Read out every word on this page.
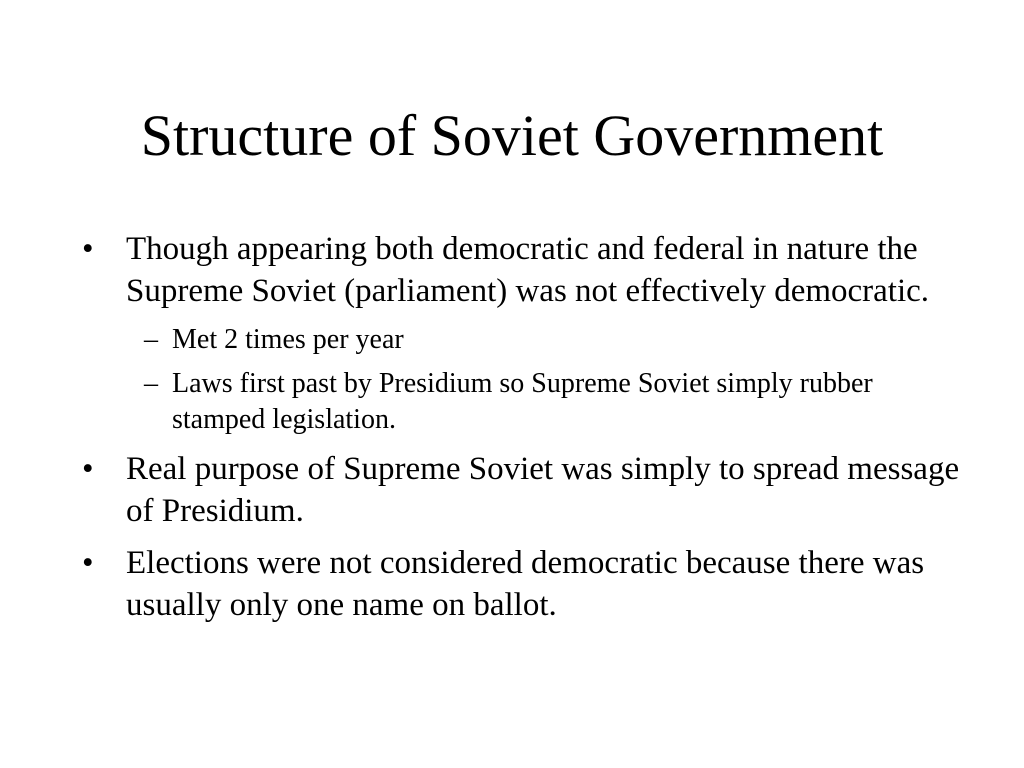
Structure of Soviet Government
• Though appearing both democratic and federal in nature the Supreme Soviet (parliament) was not effectively democratic.
– Met 2 times per year
– Laws first past by Presidium so Supreme Soviet simply rubber stamped legislation.
• Real purpose of Supreme Soviet was simply to spread message of Presidium.
• Elections were not considered democratic because there was usually only one name on ballot.
